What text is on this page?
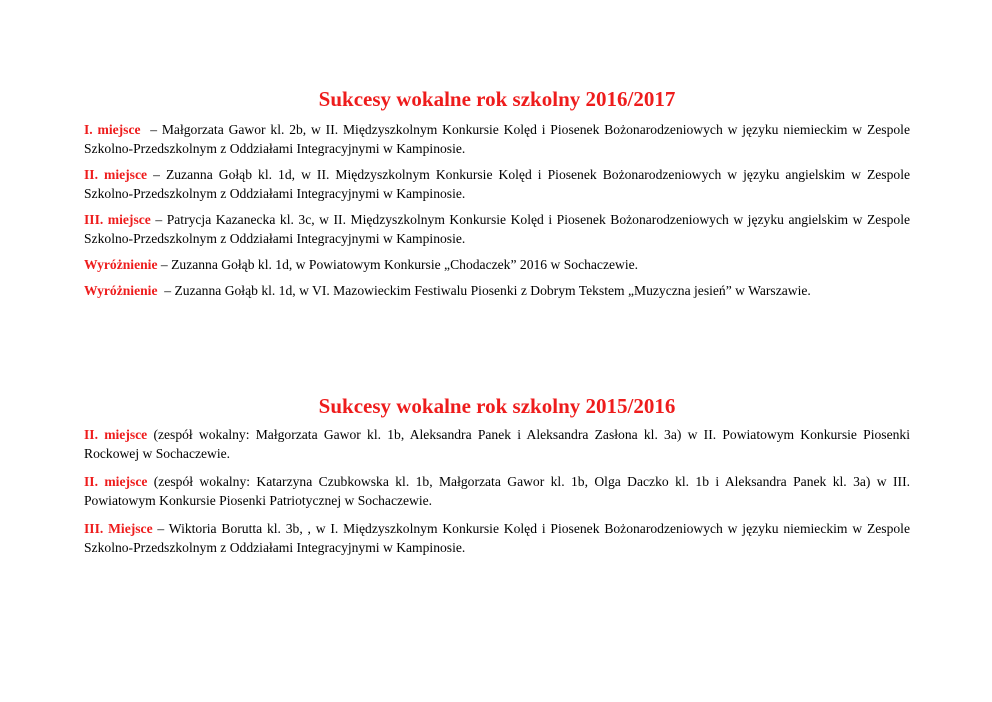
Sukcesy wokalne rok szkolny 2016/2017

I. miejsce  – Małgorzata Gawor kl. 2b, w II. Międzyszkolnym Konkursie Kolęd i Piosenek Bożonarodzeniowych w języku niemieckim w Zespole Szkolno-Przedszkolnym z Oddziałami Integracyjnymi w Kampinosie.

II. miejsce – Zuzanna Gołąb kl. 1d, w II. Międzyszkolnym Konkursie Kolęd i Piosenek Bożonarodzeniowych w języku angielskim w Zespole Szkolno-Przedszkolnym z Oddziałami Integracyjnymi w Kampinosie.

III. miejsce – Patrycja Kazanecka kl. 3c, w II. Międzyszkolnym Konkursie Kolęd i Piosenek Bożonarodzeniowych w języku angielskim w Zespole Szkolno-Przedszkolnym z Oddziałami Integracyjnymi w Kampinosie.

Wyróżnienie – Zuzanna Gołąb kl. 1d, w Powiatowym Konkursie „Chodaczek” 2016 w Sochaczewie.

Wyróżnienie  – Zuzanna Gołąb kl. 1d, w VI. Mazowieckim Festiwalu Piosenki z Dobrym Tekstem „Muzyczna jesień” w Warszawie.

Sukcesy wokalne rok szkolny 2015/2016

II. miejsce (zespół wokalny: Małgorzata Gawor kl. 1b, Aleksandra Panek i Aleksandra Zasłona kl. 3a) w II. Powiatowym Konkursie Piosenki Rockowej w Sochaczewie.

II. miejsce (zespół wokalny: Katarzyna Czubkowska kl. 1b, Małgorzata Gawor kl. 1b, Olga Daczko kl. 1b i Aleksandra Panek kl. 3a) w III. Powiatowym Konkursie Piosenki Patriotycznej w Sochaczewie.

III. Miejsce – Wiktoria Borutta kl. 3b, , w I. Międzyszkolnym Konkursie Kolęd i Piosenek Bożonarodzeniowych w języku niemieckim w Zespole Szkolno-Przedszkolnym z Oddziałami Integracyjnymi w Kampinosie.
